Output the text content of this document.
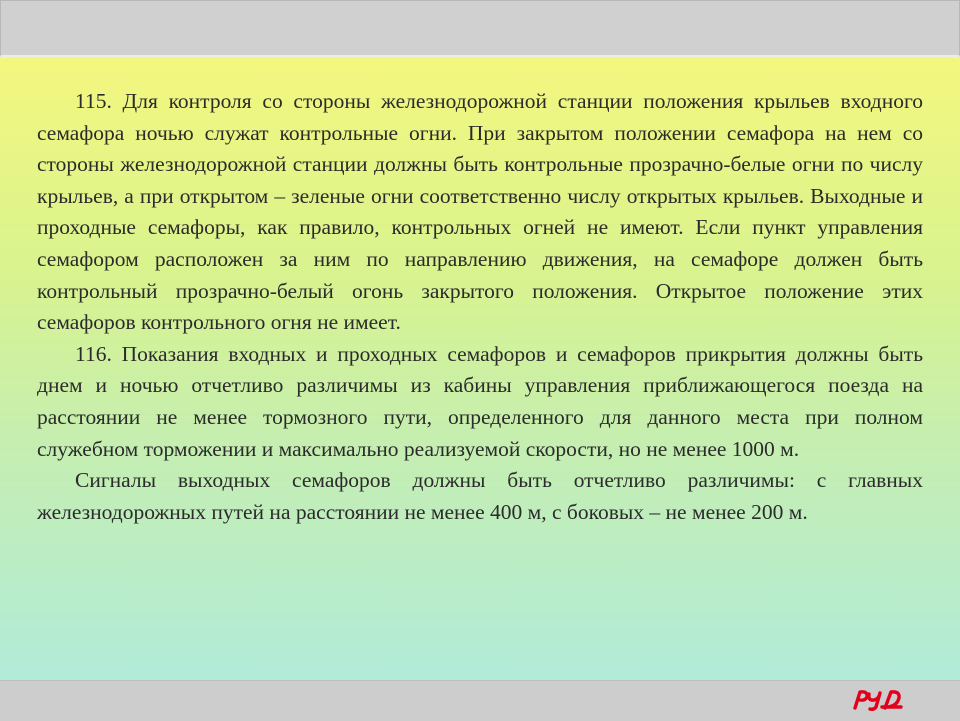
115. Для контроля со стороны железнодорожной станции положения крыльев входного семафора ночью служат контрольные огни. При закрытом положении семафора на нем со стороны железнодорожной станции должны быть контрольные прозрачно-белые огни по числу крыльев, а при открытом – зеленые огни соответственно числу открытых крыльев. Выходные и проходные семафоры, как правило, контрольных огней не имеют. Если пункт управления семафором расположен за ним по направлению движения, на семафоре должен быть контрольный прозрачно-белый огонь закрытого положения. Открытое положение этих семафоров контрольного огня не имеет.

116. Показания входных и проходных семафоров и семафоров прикрытия должны быть днем и ночью отчетливо различимы из кабины управления приближающегося поезда на расстоянии не менее тормозного пути, определенного для данного места при полном служебном торможении и максимально реализуемой скорости, но не менее 1000 м.

Сигналы выходных семафоров должны быть отчетливо различимы: с главных железнодорожных путей на расстоянии не менее 400 м, с боковых – не менее 200 м.
